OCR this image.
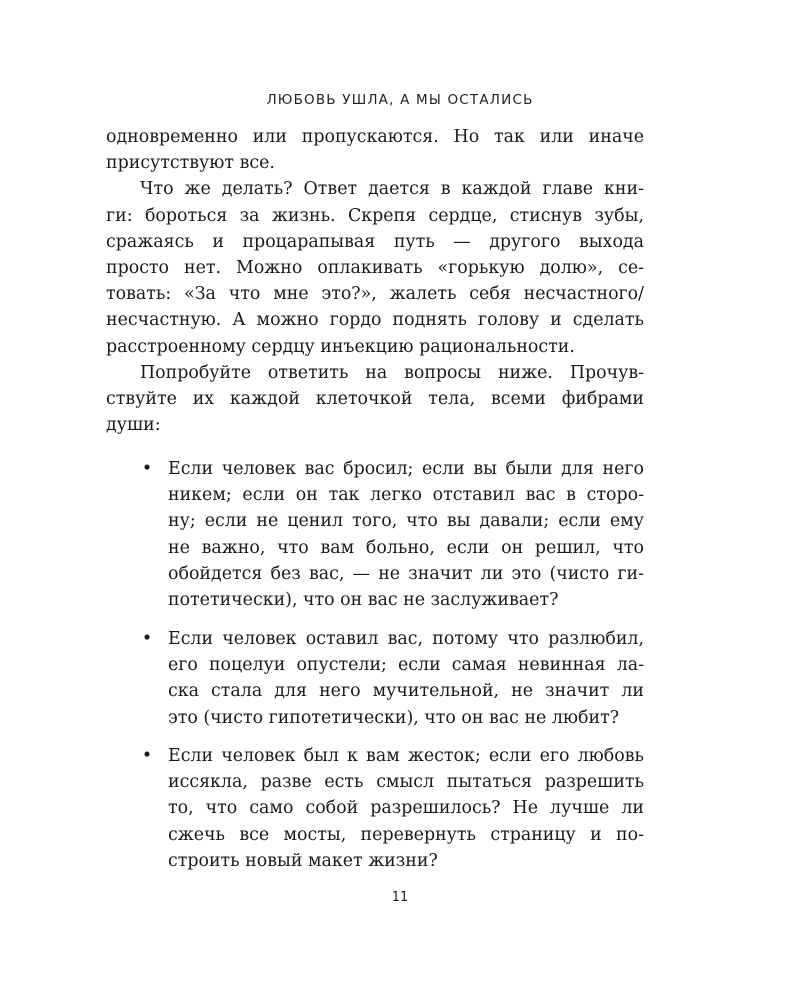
ЛЮБОВЬ УШЛА, А МЫ ОСТАЛИСЬ

одновременно или пропускаются. Но так или иначе
присутствуют все.

Что же делать? Ответ дается в каждой главе кни-
ги: бороться за жизнь. Скрепя сердце, стиснув зубы,
сражаясь и процарапывая путь — другого выхода
просто нет. Можно оплакивать «горькую долю», се-
товать: «За что мне это?», жалеть себя несчастного/
несчастную. А можно гордо поднять голову и сделать
расстроенному сердцу инъекцию рациональности.

Попробуйте ответить на вопросы ниже. Прочув-
ствуйте их каждой клеточкой тела, всеми фибрами
души:

• Если человек вас бросил; если вы были для него
никем; если он так легко отставил вас в сторо-
ну; если не ценил того, что вы давали; если ему
не важно, что вам больно, если он решил, что
обойдется без вас, — не значит ли это (чисто ги-
потетически), что он вас не заслуживает?
• Если человек оставил вас, потому что разлюбил,
его поцелуи опустели; если самая невинная ла-
ска стала для него мучительной, не значит ли
это (чисто гипотетически), что он вас не любит?
• Если человек был к вам жесток; если его любовь
иссякла, разве есть смысл пытаться разрешить
то, что само собой разрешилось? Не лучше ли
сжечь все мосты, перевернуть страницу и по-
строить новый макет жизни?
11
